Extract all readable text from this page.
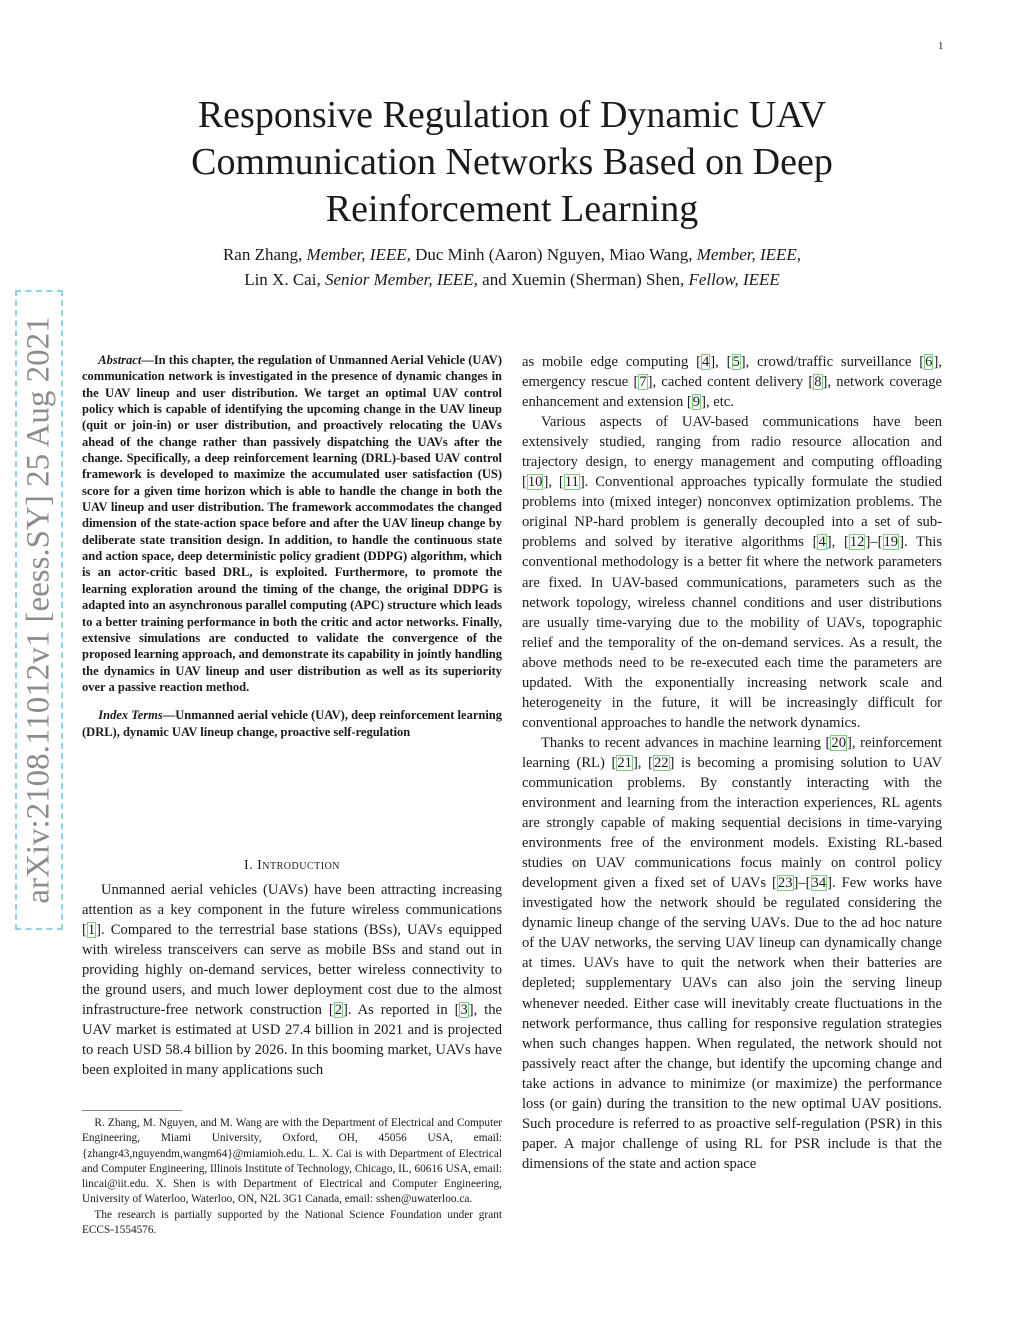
1
Responsive Regulation of Dynamic UAV Communication Networks Based on Deep Reinforcement Learning
Ran Zhang, Member, IEEE, Duc Minh (Aaron) Nguyen, Miao Wang, Member, IEEE,
Lin X. Cai, Senior Member, IEEE, and Xuemin (Sherman) Shen, Fellow, IEEE
arXiv:2108.11012v1 [eess.SY] 25 Aug 2021	Abstract—In this chapter, the regulation of Unmanned Aerial Vehicle (UAV) communication network is investigated in the presence of dynamic changes in the UAV lineup and user distribution. We target an optimal UAV control policy which is capable of identifying the upcoming change in the UAV lineup (quit or join-in) or user distribution, and proactively relocating the UAVs ahead of the change rather than passively dispatching the UAVs after the change. Specifically, a deep reinforcement learning (DRL)-based UAV control framework is developed to maximize the accumulated user satisfaction (US) score for a given time horizon which is able to handle the change in both the UAV lineup and user distribution. The framework accommodates the changed dimension of the state-action space before and after the UAV lineup change by deliberate state transition design. In addition, to handle the continuous state and action space, deep deterministic policy gradient (DDPG) algorithm, which is an actor-critic based DRL, is exploited. Furthermore, to promote the learning exploration around the timing of the change, the original DDPG is adapted into an asynchronous parallel computing (APC) structure which leads to a better training performance in both the critic and actor networks. Finally, extensive simulations are conducted to validate the convergence of the proposed learning approach, and demonstrate its capability in jointly handling the dynamics in UAV lineup and user distribution as well as its superiority over a passive reaction method.

Index Terms—Unmanned aerial vehicle (UAV), deep reinforcement learning (DRL), dynamic UAV lineup change, proactive self-regulation

I. Introduction

Unmanned aerial vehicles (UAVs) have been attracting increasing attention as a key component in the future wireless communications [1]. Compared to the terrestrial base stations (BSs), UAVs equipped with wireless transceivers can serve as mobile BSs and stand out in providing highly on-demand services, better wireless connectivity to the ground users, and much lower deployment cost due to the almost infrastructure-free network construction [2]. As reported in [3], the UAV market is estimated at USD 27.4 billion in 2021 and is projected to reach USD 58.4 billion by 2026. In this booming market, UAVs have been exploited in many applications such

R. Zhang, M. Nguyen, and M. Wang are with the Department of Electrical and Computer Engineering, Miami University, Oxford, OH, 45056 USA, email: {zhangr43,nguyendm,wangm64}@miamioh.edu. L. X. Cai is with Department of Electrical and Computer Engineering, Illinois Institute of Technology, Chicago, IL, 60616 USA, email: lincai@iit.edu. X. Shen is with Department of Electrical and Computer Engineering, University of Waterloo, Waterloo, ON, N2L 3G1 Canada, email: sshen@uwaterloo.ca.

The research is partially supported by the National Science Foundation under grant ECCS-1554576.

as mobile edge computing [4], [5], crowd/traffic surveillance [6], emergency rescue [7], cached content delivery [8], network coverage enhancement and extension [9], etc.

Various aspects of UAV-based communications have been extensively studied, ranging from radio resource allocation and trajectory design, to energy management and computing offloading [10], [11]. Conventional approaches typically formulate the studied problems into (mixed integer) nonconvex optimization problems. The original NP-hard problem is generally decoupled into a set of sub-problems and solved by iterative algorithms [4], [12]–[19]. This conventional methodology is a better fit where the network parameters are fixed. In UAV-based communications, parameters such as the network topology, wireless channel conditions and user distributions are usually time-varying due to the mobility of UAVs, topographic relief and the temporality of the on-demand services. As a result, the above methods need to be re-executed each time the parameters are updated. With the exponentially increasing network scale and heterogeneity in the future, it will be increasingly difficult for conventional approaches to handle the network dynamics.

Thanks to recent advances in machine learning [20], reinforcement learning (RL) [21], [22] is becoming a promising solution to UAV communication problems. By constantly interacting with the environment and learning from the interaction experiences, RL agents are strongly capable of making sequential decisions in time-varying environments free of the environment models. Existing RL-based studies on UAV communications focus mainly on control policy development given a fixed set of UAVs [23]–[34]. Few works have investigated how the network should be regulated considering the dynamic lineup change of the serving UAVs. Due to the ad hoc nature of the UAV networks, the serving UAV lineup can dynamically change at times. UAVs have to quit the network when their batteries are depleted; supplementary UAVs can also join the serving lineup whenever needed. Either case will inevitably create fluctuations in the network performance, thus calling for responsive regulation strategies when such changes happen. When regulated, the network should not passively react after the change, but identify the upcoming change and take actions in advance to minimize (or maximize) the performance loss (or gain) during the transition to the new optimal UAV positions. Such procedure is referred to as proactive self-regulation (PSR) in this paper. A major challenge of using RL for PSR include is that the dimensions of the state and action space
